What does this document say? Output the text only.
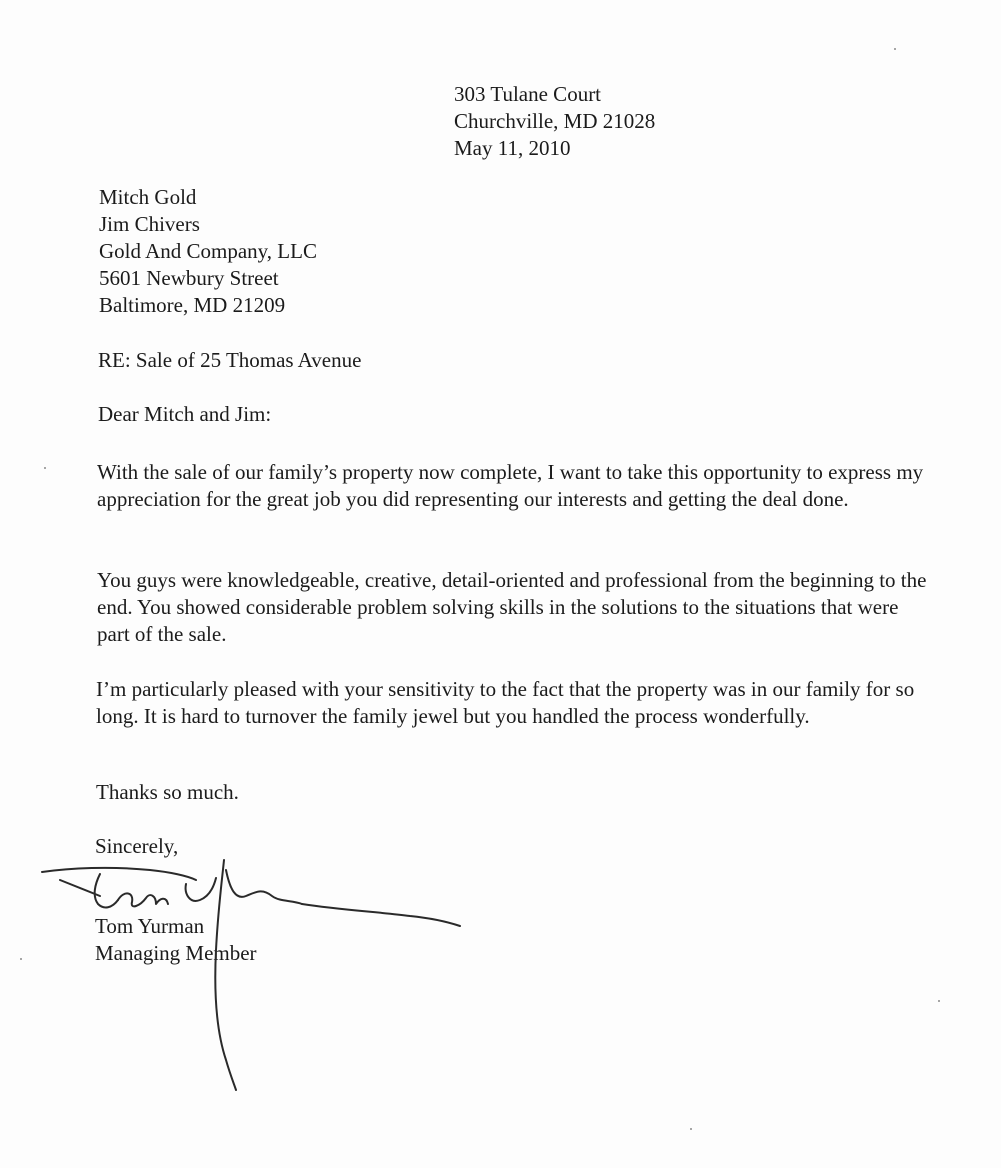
303 Tulane Court
Churchville, MD 21028
May 11, 2010
Mitch Gold
Jim Chivers
Gold And Company, LLC
5601 Newbury Street
Baltimore, MD 21209

RE: Sale of 25 Thomas Avenue

Dear Mitch and Jim:

With the sale of our family’s property now complete, I want to take this opportunity to express my appreciation for the great job you did representing our interests and getting the deal done.

You guys were knowledgeable, creative, detail-oriented and professional from the beginning to the end. You showed considerable problem solving skills in the solutions to the situations that were part of the sale.

I’m particularly pleased with your sensitivity to the fact that the property was in our family for so long. It is hard to turnover the family jewel but you handled the process wonderfully.

Thanks so much.

Sincerely,

Tom Yurman
Managing Member
